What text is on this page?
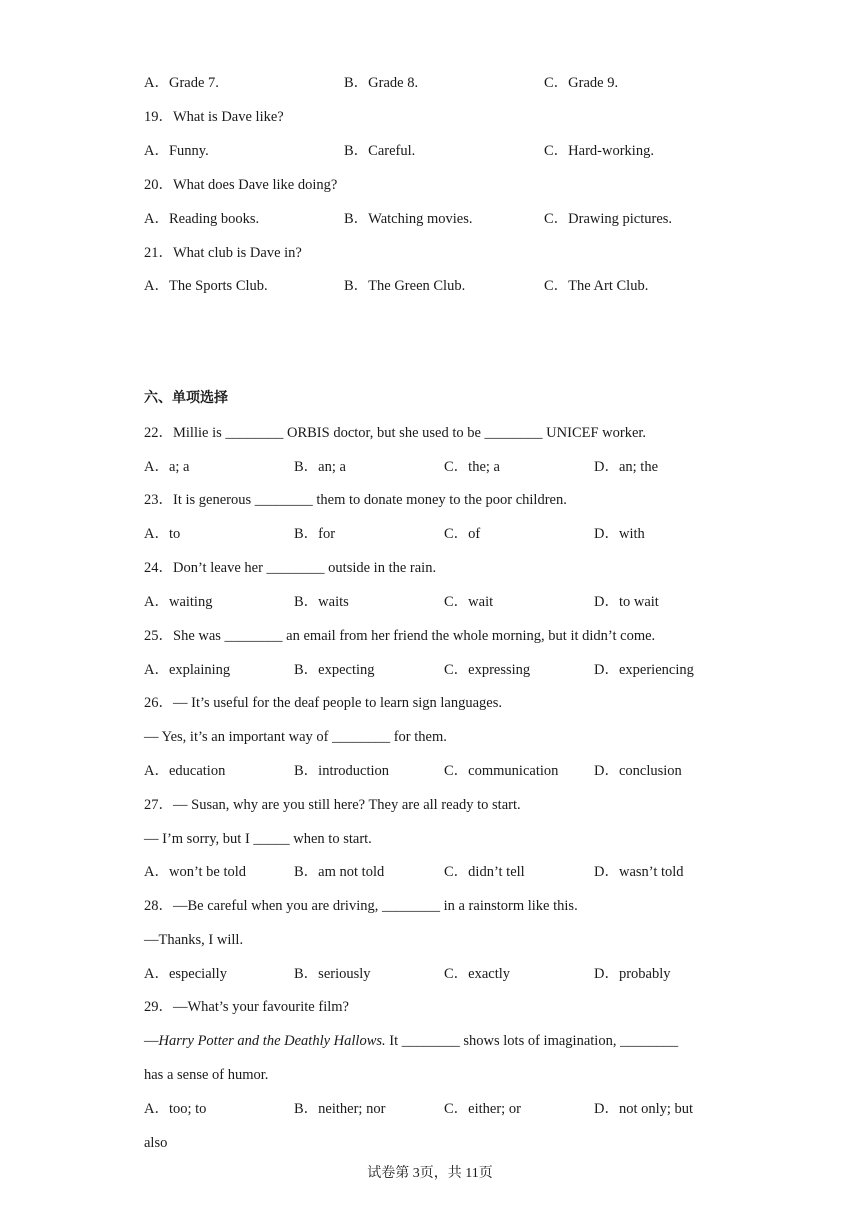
A．Grade 7.	B．Grade 8.	C．Grade 9.
19．What is Dave like?
A．Funny.	B．Careful.	C．Hard-working.
20．What does Dave like doing?
A．Reading books.	B．Watching movies.	C．Drawing pictures.
21．What club is Dave in?
A．The Sports Club.	B．The Green Club.	C．The Art Club.
六、单项选择
22．Millie is ________ ORBIS doctor, but she used to be ________ UNICEF worker.
A．a; a	B．an; a	C．the; a	D．an; the
23．It is generous ________ them to donate money to the poor children.
A．to	B．for	C．of	D．with
24．Don’t leave her ________ outside in the rain.
A．waiting	B．waits	C．wait	D．to wait
25．She was ________ an email from her friend the whole morning, but it didn’t come.
A．explaining	B．expecting	C．expressing	D．experiencing
26．— It’s useful for the deaf people to learn sign languages.
— Yes, it’s an important way of ________ for them.
A．education	B．introduction	C．communication D．conclusion
27．— Susan, why are you still here? They are all ready to start.
— I’m sorry, but I _____ when to start.
A．won’t be told	B．am not told	C．didn’t tell	D．wasn’t told
28．—Be careful when you are driving, ________ in a rainstorm like this.
—Thanks, I will.
A．especially	B．seriously	C．exactly	D．probably
29．—What’s your favourite film?
—Harry Potter and the Deathly Hallows. It ________ shows lots of imagination, ________
has a sense of humor.
A．too; to	B．neither; nor	C．either; or	D．not only; but
also
试卷第 3页，共 11页
